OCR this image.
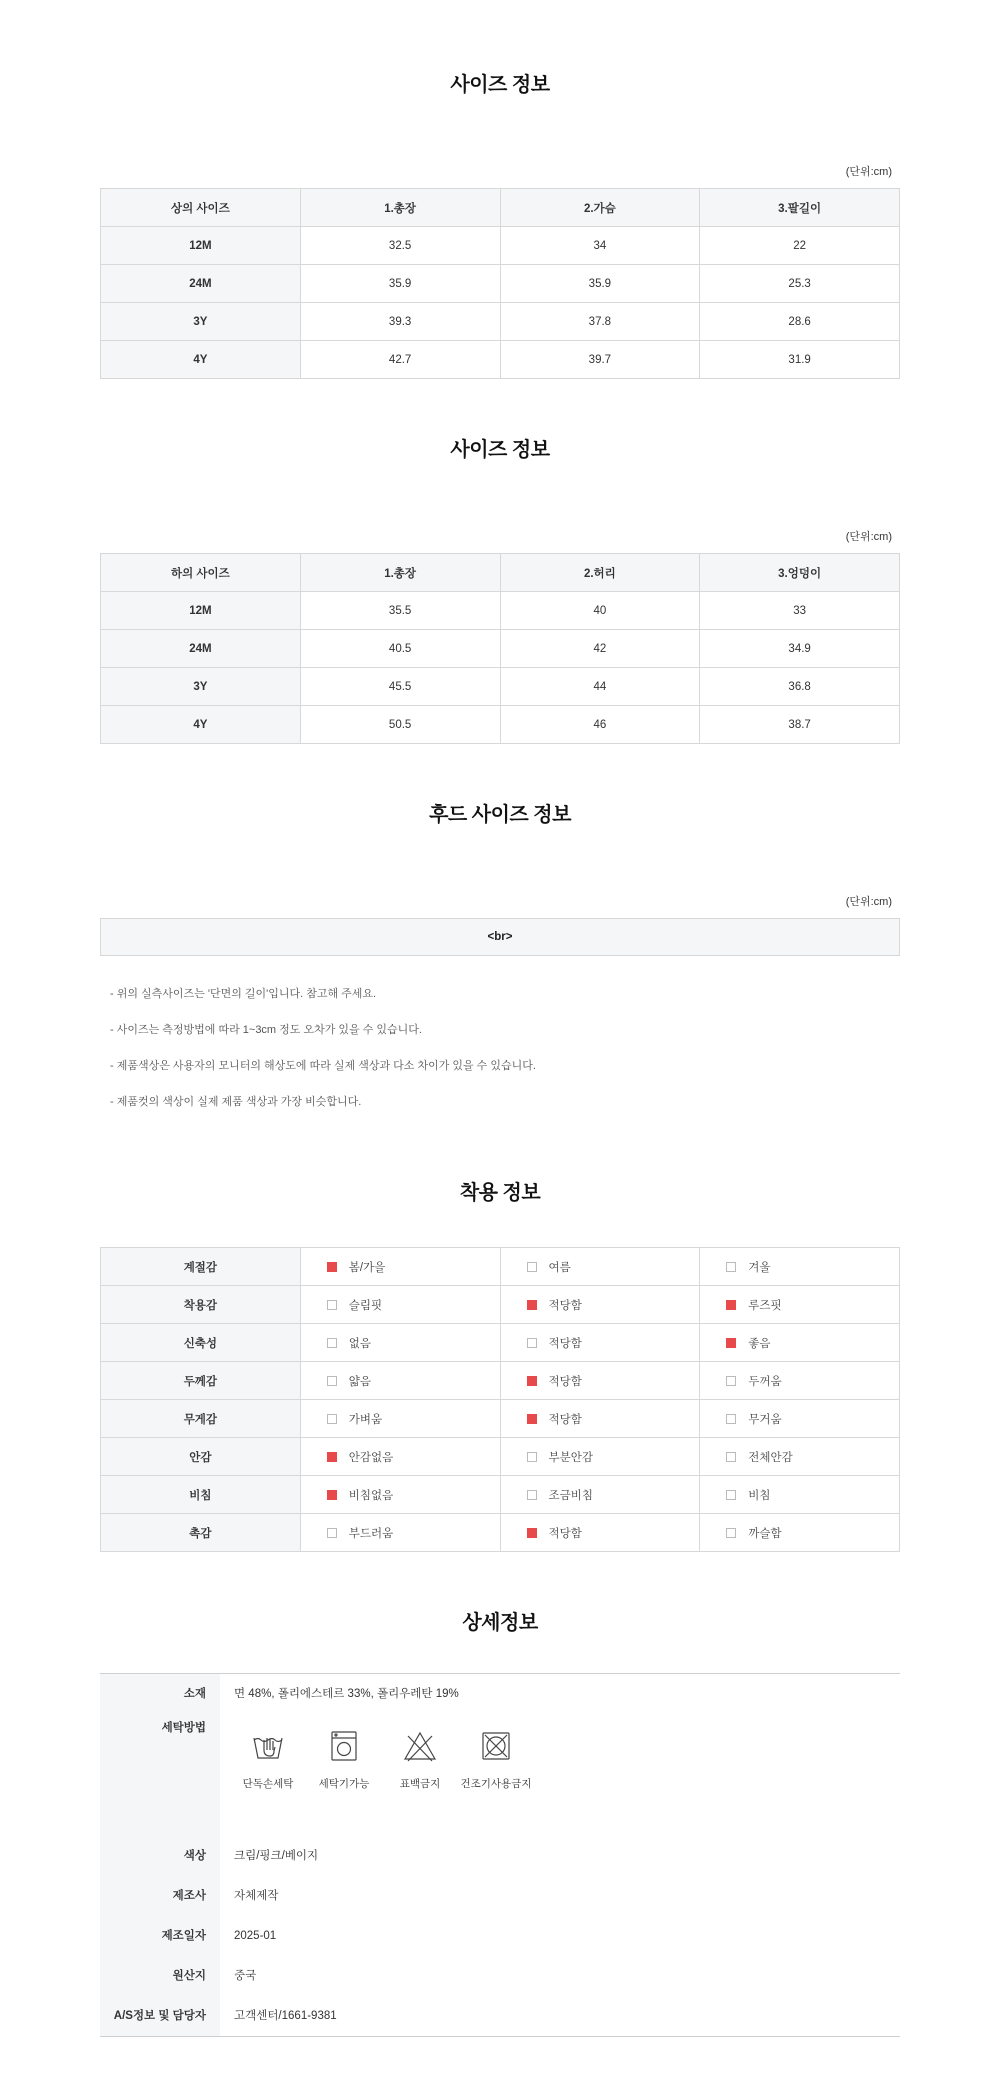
사이즈 정보
(단위:cm)
상의 사이즈	1.총장	2.가슴	3.팔길이
12M	32.5	34	22
24M	35.9	35.9	25.3
3Y	39.3	37.8	28.6
4Y	42.7	39.7	31.9
사이즈 정보
(단위:cm)
하의 사이즈	1.총장	2.허리	3.엉덩이
12M	35.5	40	33
24M	40.5	42	34.9
3Y	45.5	44	36.8
4Y	50.5	46	38.7
후드 사이즈 정보
(단위:cm)
<br>

- 위의 실측사이즈는 '단면의 길이'입니다. 참고해 주세요.

- 사이즈는 측정방법에 따라 1~3cm 정도 오차가 있을 수 있습니다.

- 제품색상은 사용자의 모니터의 해상도에 따라 실제 색상과 다소 차이가 있을 수 있습니다.

- 제품컷의 색상이 실제 제품 색상과 가장 비슷합니다.

착용 정보
계절감	봄/가을	여름	겨울
착용감	슬림핏	적당함	루즈핏
신축성	없음	적당함	좋음
두께감	얇음	적당함	두꺼움
무게감	가벼움	적당함	무거움
안감	안감없음	부분안감	전체안감
비침	비침없음	조금비침	비침
촉감	부드러움	적당함	까슬함
상세정보
소재	면 48%, 폴리에스테르 33%, 폴리우레탄 19%
세탁방법
단독손세탁	세탁기가능	표백금지	건조기사용금지
색상	크림/핑크/베이지
제조사	자체제작
제조일자	2025-01
원산지	중국
A/S정보 및 담당자	고객센터/1661-9381
